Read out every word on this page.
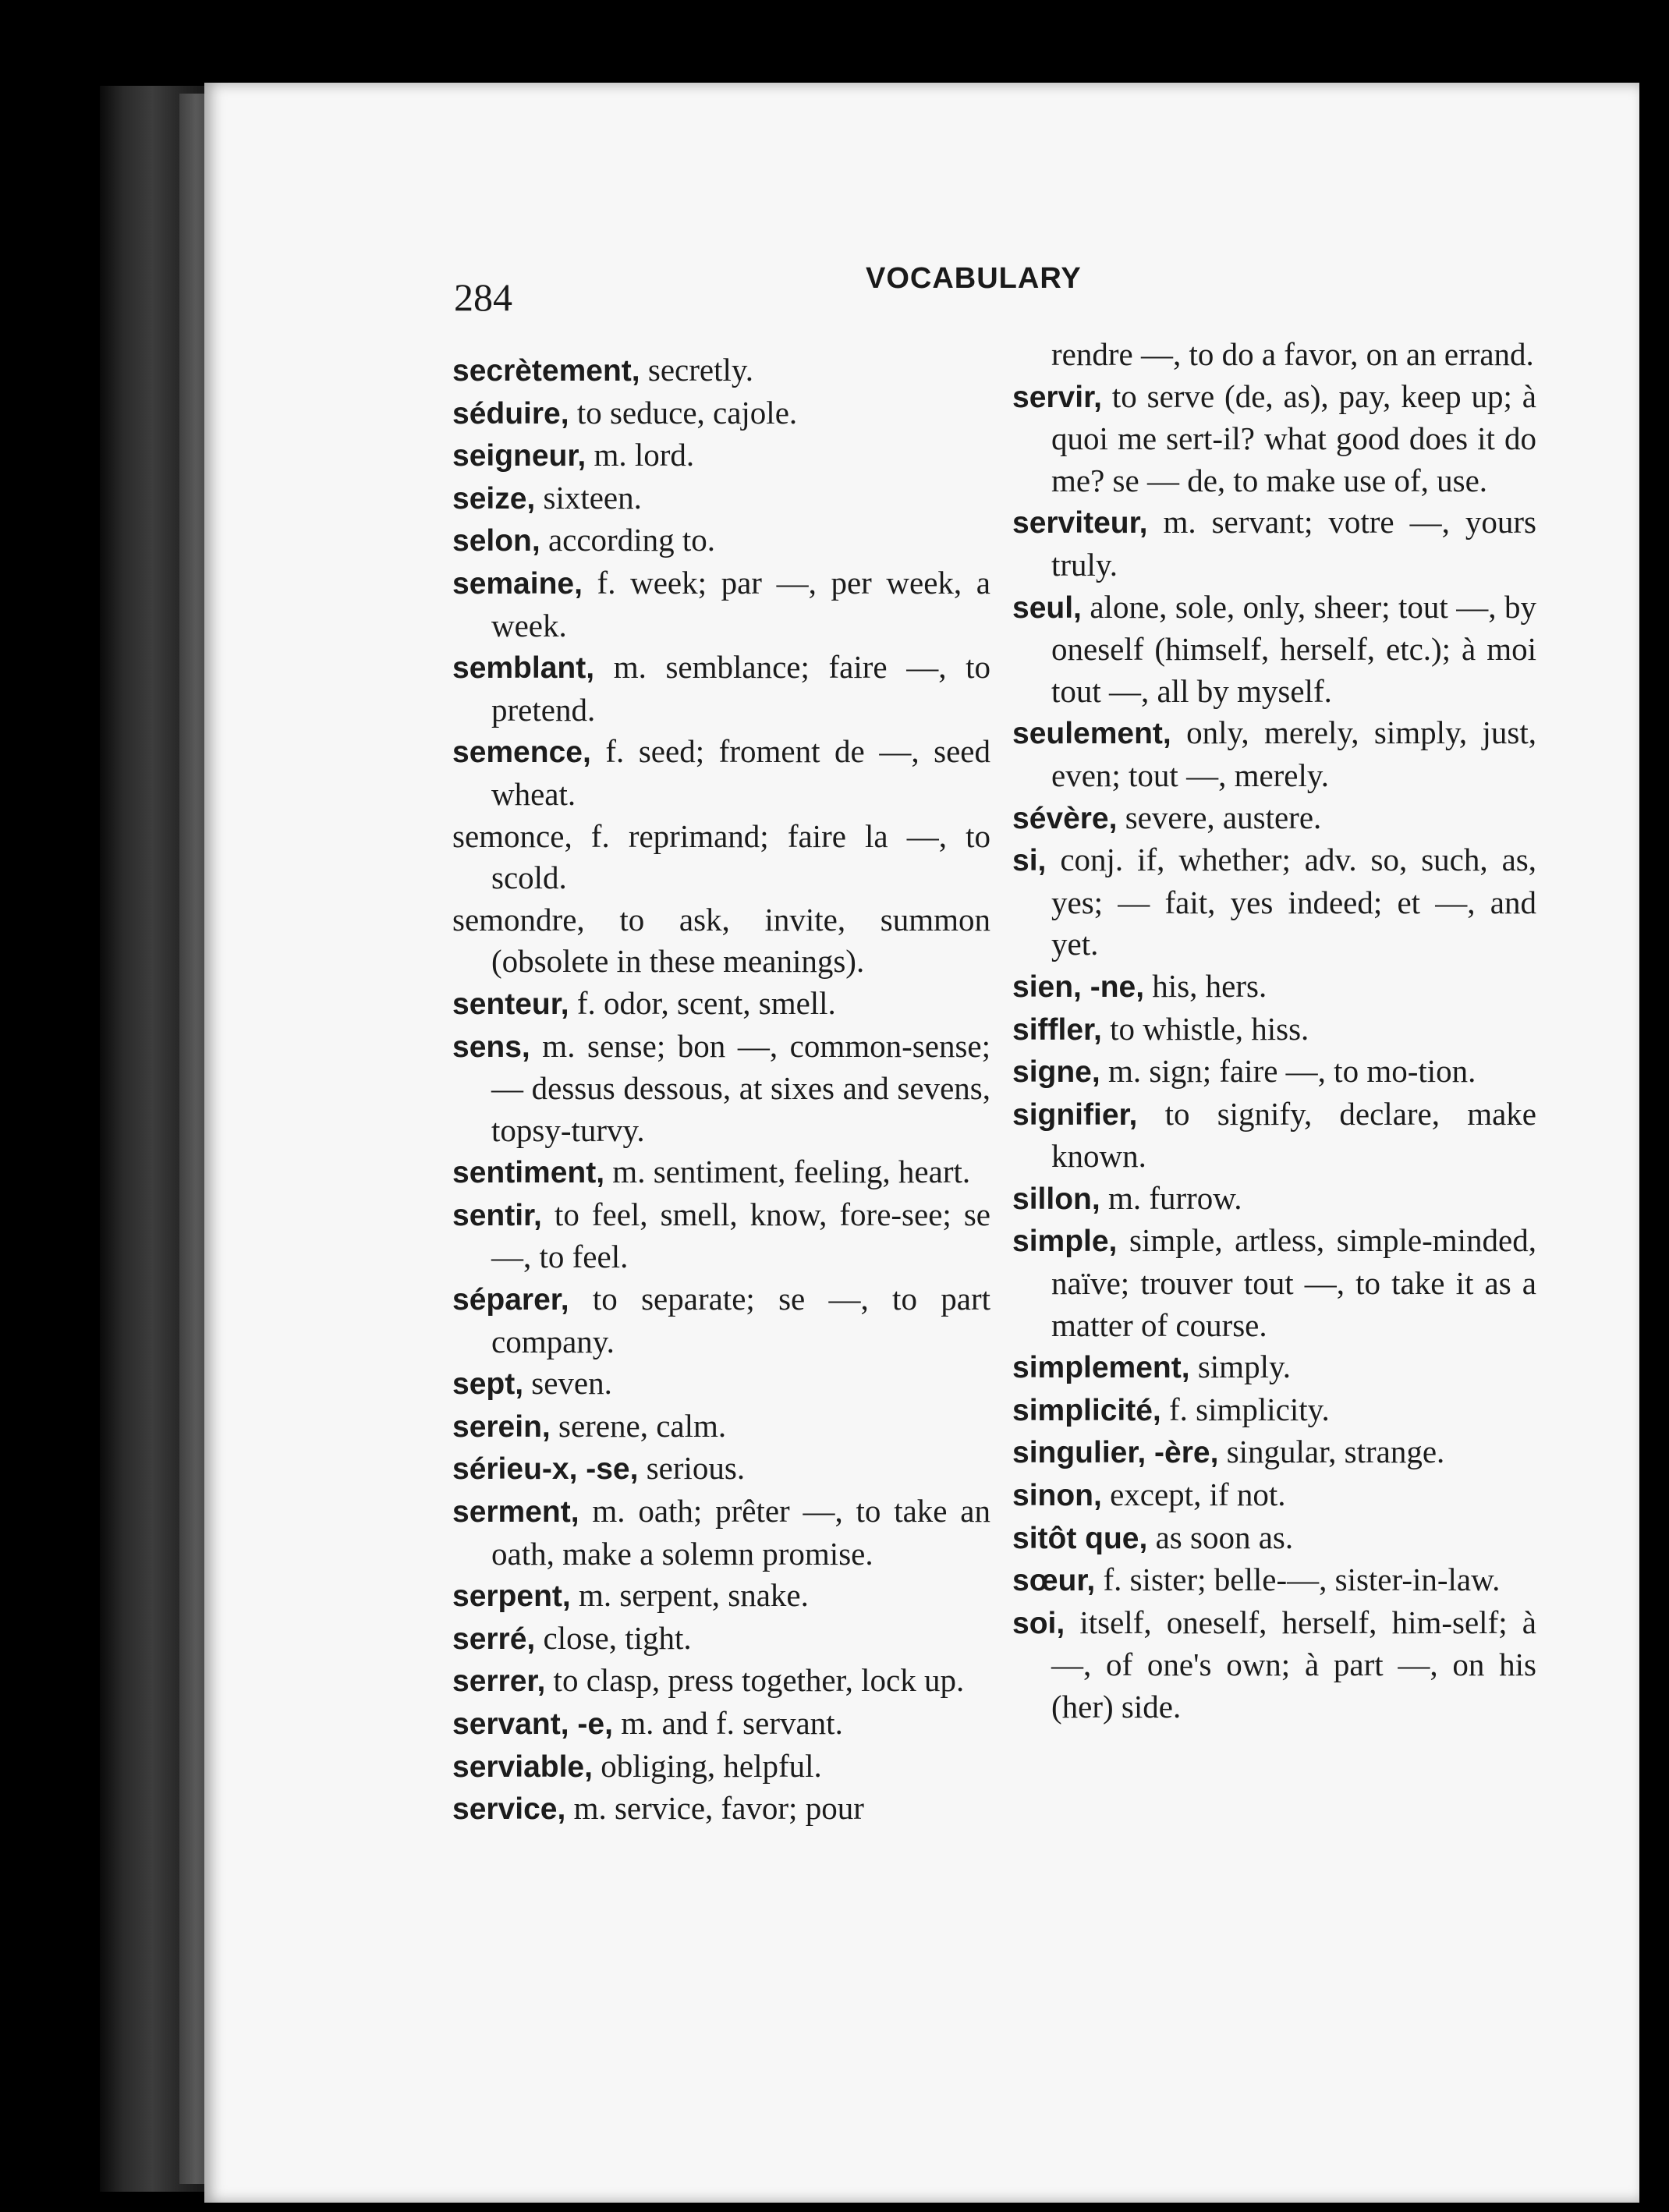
284	VOCABULARY

secrètement, secretly.

séduire, to seduce, cajole.

seigneur, m. lord.

seize, sixteen.

selon, according to.

semaine, f. week; par —, per week, a week.

semblant, m. semblance; faire —, to pretend.

semence, f. seed; froment de —, seed wheat.

semonce, f. reprimand; faire la —, to scold.

semondre, to ask, invite, summon (obsolete in these meanings).

senteur, f. odor, scent, smell.

sens, m. sense; bon —, common-sense; — dessus dessous, at sixes and sevens, topsy-turvy.

sentiment, m. sentiment, feeling, heart.

sentir, to feel, smell, know, fore-see; se —, to feel.

séparer, to separate; se —, to part company.

sept, seven.

serein, serene, calm.

sérieu-x, -se, serious.

serment, m. oath; prêter —, to take an oath, make a solemn promise.

serpent, m. serpent, snake.

serré, close, tight.

serrer, to clasp, press together, lock up.

servant, -e, m. and f. servant.

serviable, obliging, helpful.

service, m. service, favor; pour

rendre —, to do a favor, on an errand.

servir, to serve (de, as), pay, keep up; à quoi me sert-il? what good does it do me? se — de, to make use of, use.

serviteur, m. servant; votre —, yours truly.

seul, alone, sole, only, sheer; tout —, by oneself (himself, herself, etc.); à moi tout —, all by myself.

seulement, only, merely, simply, just, even; tout —, merely.

sévère, severe, austere.

si, conj. if, whether; adv. so, such, as, yes; — fait, yes indeed; et —, and yet.

sien, -ne, his, hers.

siffler, to whistle, hiss.

signe, m. sign; faire —, to mo-tion.

signifier, to signify, declare, make known.

sillon, m. furrow.

simple, simple, artless, simple-minded, naïve; trouver tout —, to take it as a matter of course.

simplement, simply.

simplicité, f. simplicity.

singulier, -ère, singular, strange.

sinon, except, if not.

sitôt que, as soon as.

sœur, f. sister; belle-—, sister-in-law.

soi, itself, oneself, herself, him-self; à —, of one's own; à part —, on his (her) side.
